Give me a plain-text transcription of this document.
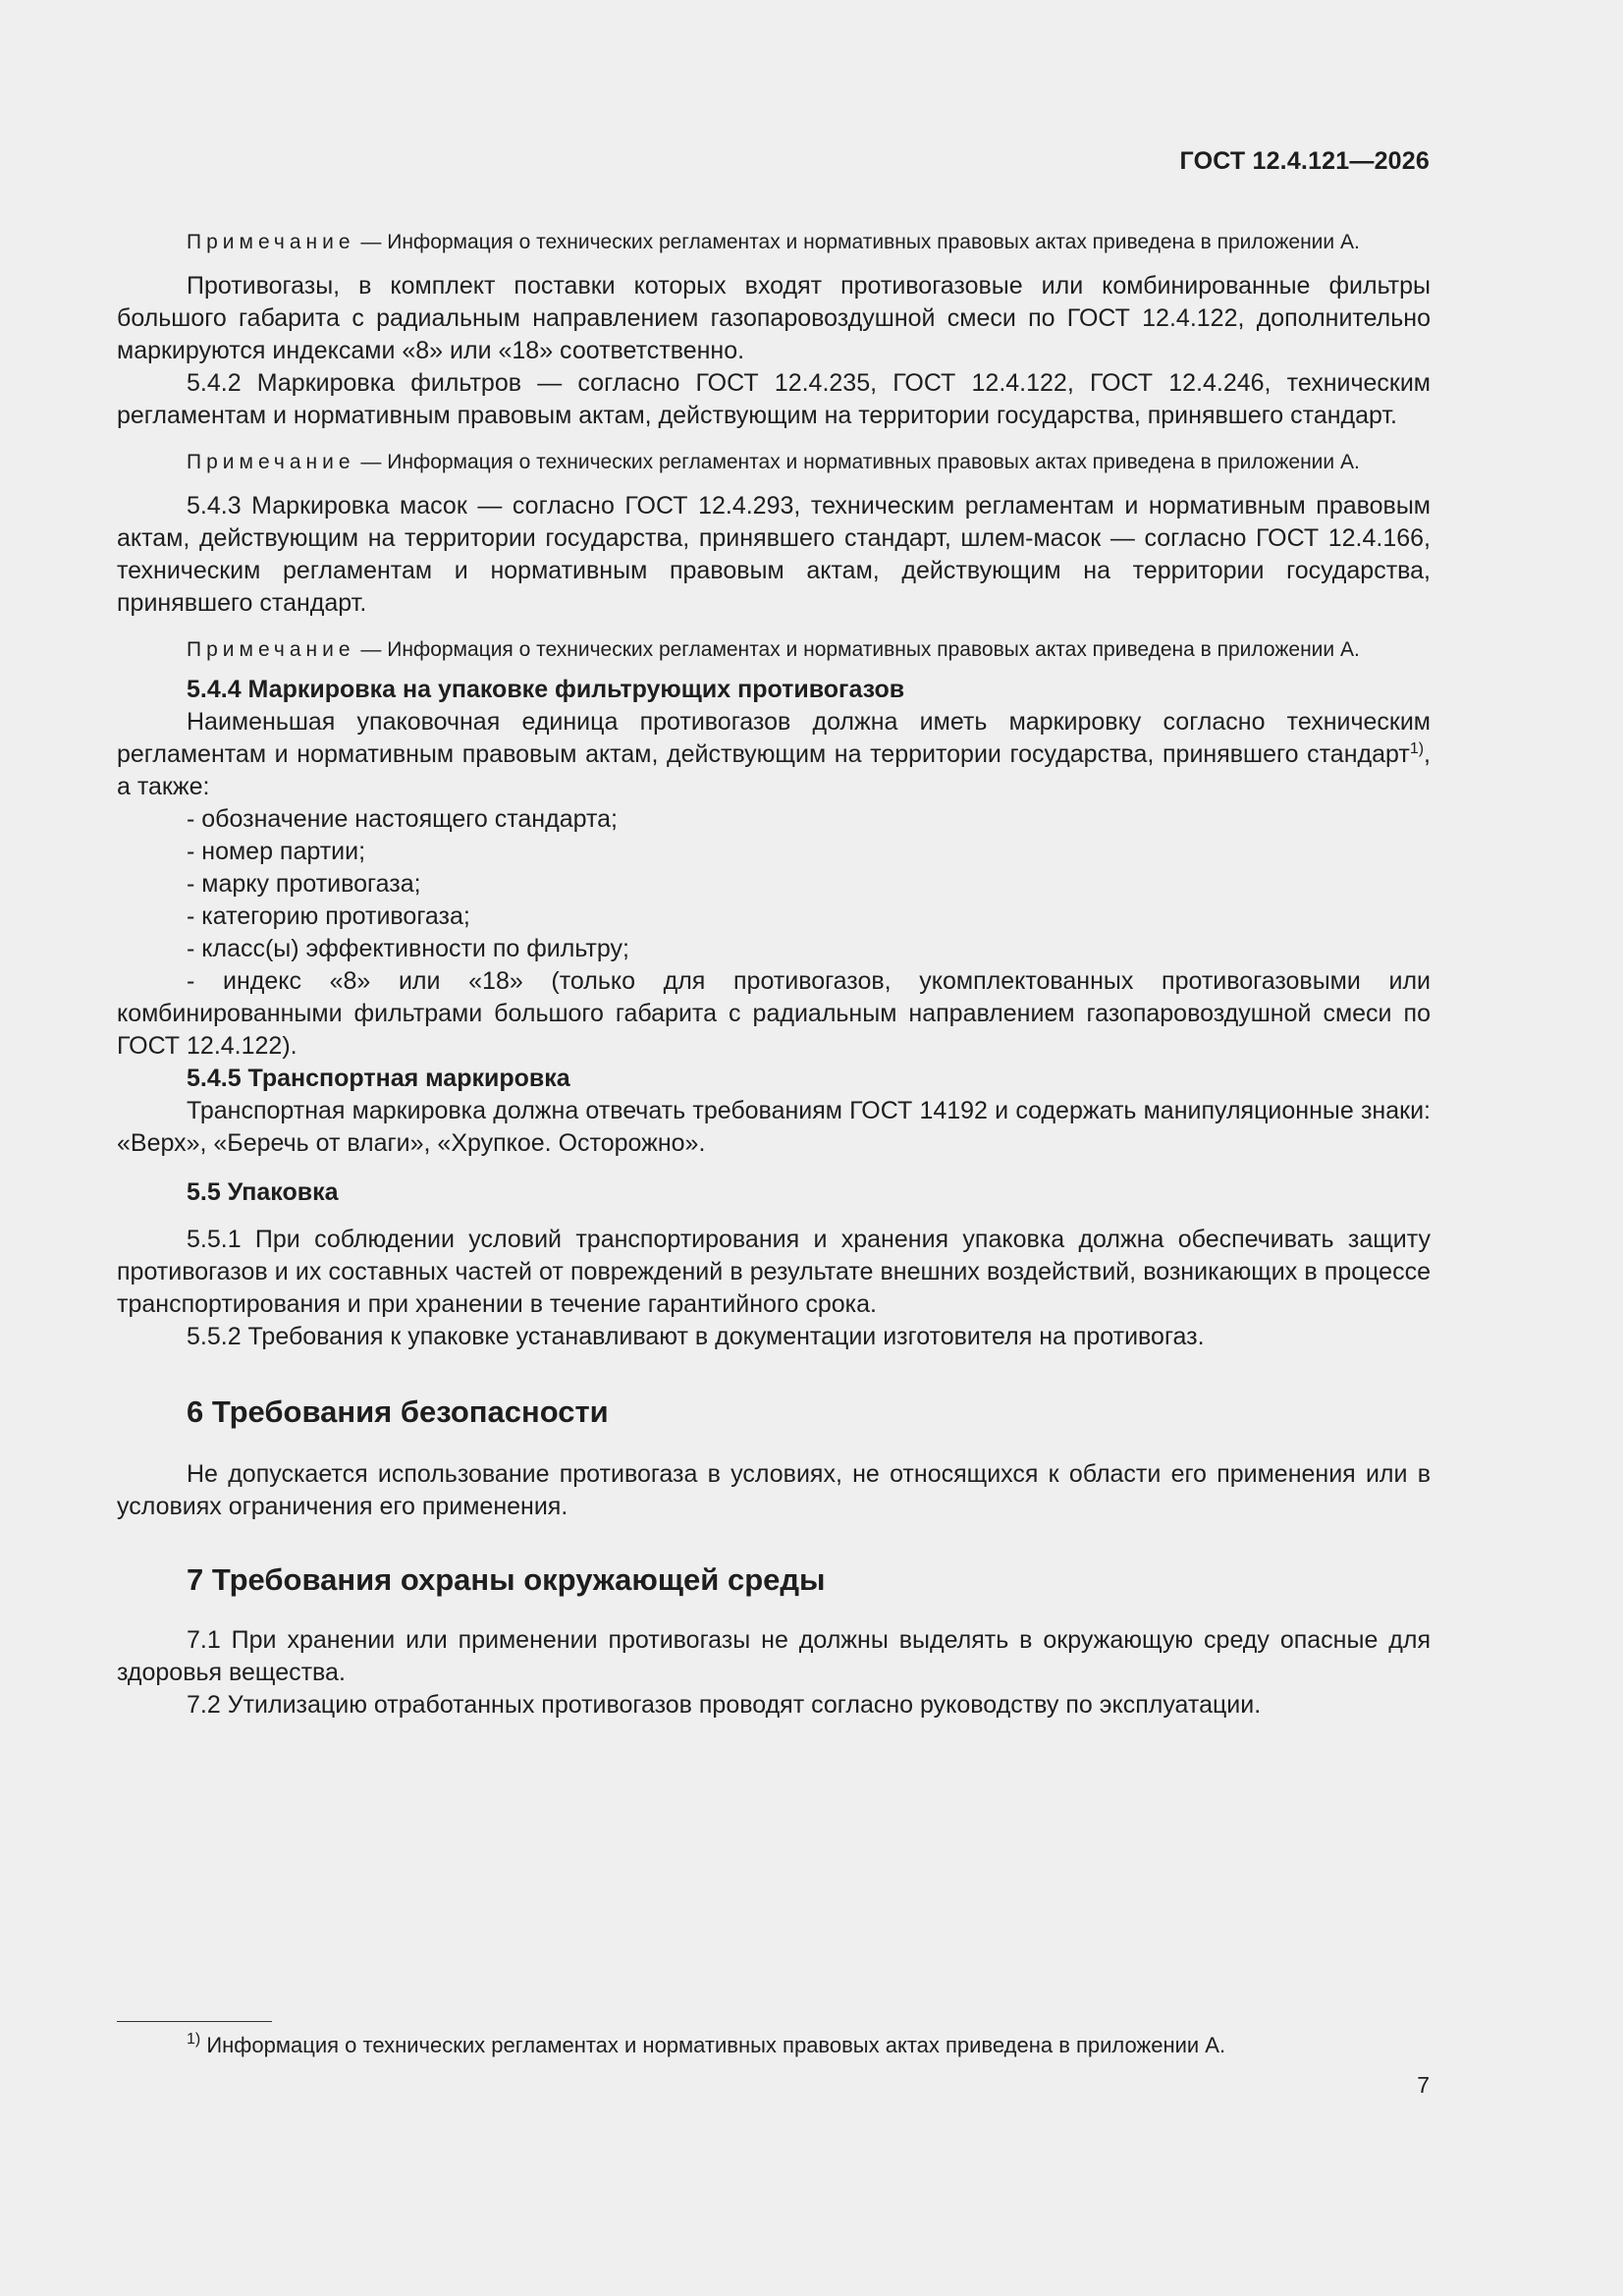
ГОСТ 12.4.121—2026

Примечание — Информация о технических регламентах и нормативных правовых актах приведена в приложении А.

Противогазы, в комплект поставки которых входят противогазовые или комбинированные фильтры большого габарита с радиальным направлением газопаровоздушной смеси по ГОСТ 12.4.122, дополнительно маркируются индексами «8» или «18» соответственно.

5.4.2 Маркировка фильтров — согласно ГОСТ 12.4.235, ГОСТ 12.4.122, ГОСТ 12.4.246, техническим регламентам и нормативным правовым актам, действующим на территории государства, принявшего стандарт.

Примечание — Информация о технических регламентах и нормативных правовых актах приведена в приложении А.

5.4.3 Маркировка масок — согласно ГОСТ 12.4.293, техническим регламентам и нормативным правовым актам, действующим на территории государства, принявшего стандарт, шлем-масок — согласно ГОСТ 12.4.166, техническим регламентам и нормативным правовым актам, действующим на территории государства, принявшего стандарт.

Примечание — Информация о технических регламентах и нормативных правовых актах приведена в приложении А.

5.4.4 Маркировка на упаковке фильтрующих противогазов

Наименьшая упаковочная единица противогазов должна иметь маркировку согласно техническим регламентам и нормативным правовым актам, действующим на территории государства, принявшего стандарт$^{1)}$, а также:

- обозначение настоящего стандарта;
- номер партии;
- марку противогаза;
- категорию противогаза;
- класс(ы) эффективности по фильтру;
- индекс «8» или «18» (только для противогазов, укомплектованных противогазовыми или комбинированными фильтрами большого габарита с радиальным направлением газопаровоздушной смеси по ГОСТ 12.4.122).

5.4.5 Транспортная маркировка

Транспортная маркировка должна отвечать требованиям ГОСТ 14192 и содержать манипуляционные знаки: «Верх», «Беречь от влаги», «Хрупкое. Осторожно».

5.5 Упаковка

5.5.1 При соблюдении условий транспортирования и хранения упаковка должна обеспечивать защиту противогазов и их составных частей от повреждений в результате внешних воздействий, возникающих в процессе транспортирования и при хранении в течение гарантийного срока.

5.5.2 Требования к упаковке устанавливают в документации изготовителя на противогаз.

6 Требования безопасности

Не допускается использование противогаза в условиях, не относящихся к области его применения или в условиях ограничения его применения.

7 Требования охраны окружающей среды

7.1 При хранении или применении противогазы не должны выделять в окружающую среду опасные для здоровья вещества.

7.2 Утилизацию отработанных противогазов проводят согласно руководству по эксплуатации.

$^{1)}$ Информация о технических регламентах и нормативных правовых актах приведена в приложении А.
7
